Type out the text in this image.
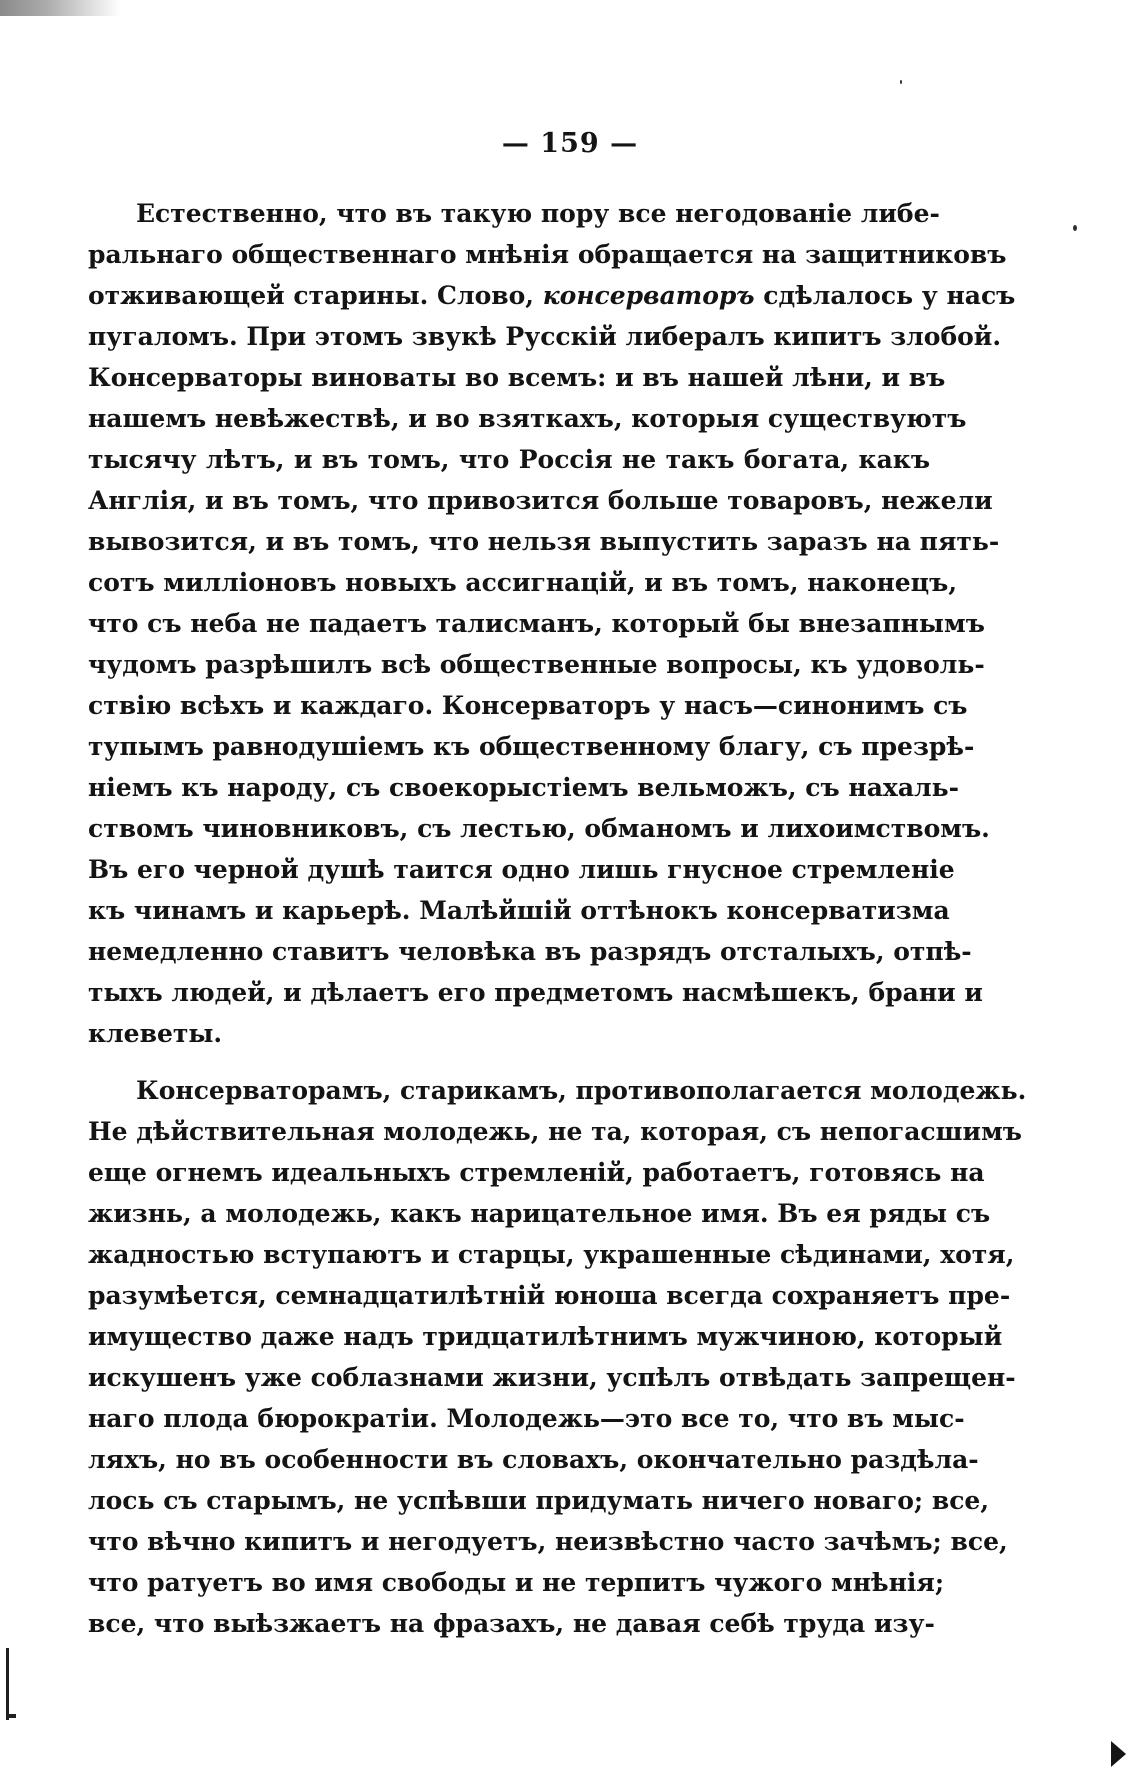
— 159 —
Естественно, что въ такую пору все негодованіе либе-
ральнаго общественнаго мнѣнія обращается на защитниковъ
отживающей старины. Слово, консерваторъ сдѣлалось у насъ
пугаломъ. При этомъ звукѣ Русскій либералъ кипитъ злобой.
Консерваторы виноваты во всемъ: и въ нашей лѣни, и въ
нашемъ невѣжествѣ, и во взяткахъ, которыя существуютъ
тысячу лѣтъ, и въ томъ, что Россія не такъ богата, какъ
Англія, и въ томъ, что привозится больше товаровъ, нежели
вывозится, и въ томъ, что нельзя выпустить заразъ на пять-
сотъ милліоновъ новыхъ ассигнацій, и въ томъ, наконецъ,
что съ неба не падаетъ талисманъ, который бы внезапнымъ
чудомъ разрѣшилъ всѣ общественные вопросы, къ удоволь-
ствію всѣхъ и каждаго. Консерваторъ у насъ—синонимъ съ
тупымъ равнодушіемъ къ общественному благу, съ презрѣ-
ніемъ къ народу, съ своекорыстіемъ вельможъ, съ нахаль-
ствомъ чиновниковъ, съ лестью, обманомъ и лихоимствомъ.
Въ его черной душѣ таится одно лишь гнусное стремленіе
къ чинамъ и карьерѣ. Малѣйшій оттѣнокъ консерватизма
немедленно ставитъ человѣка въ разрядъ отсталыхъ, отпѣ-
тыхъ людей, и дѣлаетъ его предметомъ насмѣшекъ, брани и
клеветы.
Консерваторамъ, старикамъ, противополагается молодежь.
Не дѣйствительная молодежь, не та, которая, съ непогасшимъ
еще огнемъ идеальныхъ стремленій, работаетъ, готовясь на
жизнь, а молодежь, какъ нарицательное имя. Въ ея ряды съ
жадностью вступаютъ и старцы, украшенные сѣдинами, хотя,
разумѣется, семнадцатилѣтній юноша всегда сохраняетъ пре-
имущество даже надъ тридцатилѣтнимъ мужчиною, который
искушенъ уже соблазнами жизни, успѣлъ отвѣдать запрещен-
наго плода бюрократіи. Молодежь—это все то, что въ мыс-
ляхъ, но въ особенности въ словахъ, окончательно раздѣла-
лось съ старымъ, не успѣвши придумать ничего новаго; все,
что вѣчно кипитъ и негодуетъ, неизвѣстно часто зачѣмъ; все,
что ратуетъ во имя свободы и не терпитъ чужого мнѣнія;
все, что выѣзжаетъ на фразахъ, не давая себѣ труда изу-
